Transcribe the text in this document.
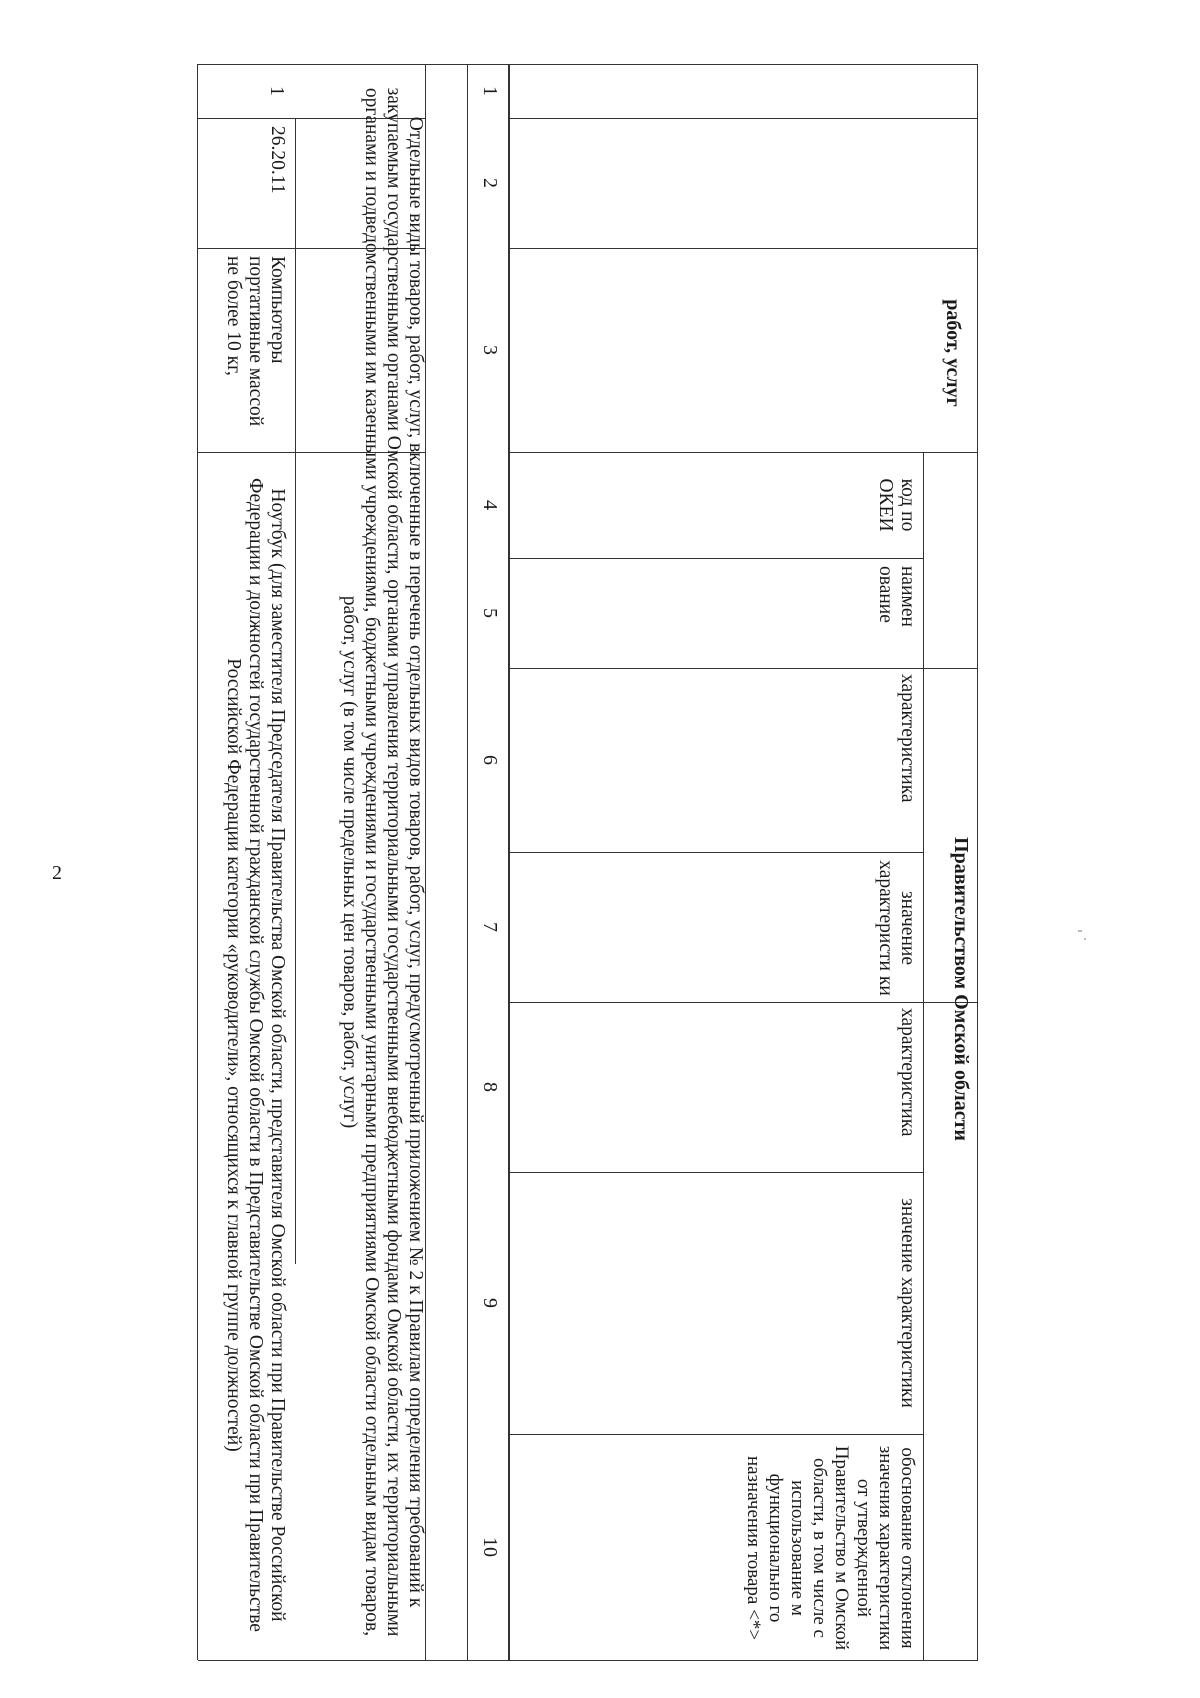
2
работ, услуг
Правительством Омской области
код по ОКЕИ
наимен ование
характеристика
значение характеристи ки
характеристика
значение характеристики
обоснование отклонения значения характеристики от утвержденной Правительство м Омской области, в том числе с использование м функционально го назначения товара <*>
1
2
3
4
5
6
7
8
9
10
Отдельные виды товаров, работ, услуг, включенные в перечень отдельных видов товаров, работ, услуг, предусмотренный приложением № 2 к Правилам определения требований к закупаемым государственными органами Омской области, органами управления территориальными государственными внебюджетными фондами Омской области, их территориальными органами и подведомственными им казенными учреждениями, бюджетными учреждениями и государственными унитарными предприятиями Омской области отдельным видам товаров, работ, услуг (в том числе предельных цен товаров, работ, услуг)
1
26.20.11
Компьютеры портативные массой не более 10 кг,
Ноутбук (для заместителя Председателя Правительства Омской области, представителя Омской области при Правительстве Российской Федерации и должностей государственной гражданской службы Омской области в Представительстве Омской области при Правительстве Российской Федерации категории «руководители», относящихся к главной группе должностей)
